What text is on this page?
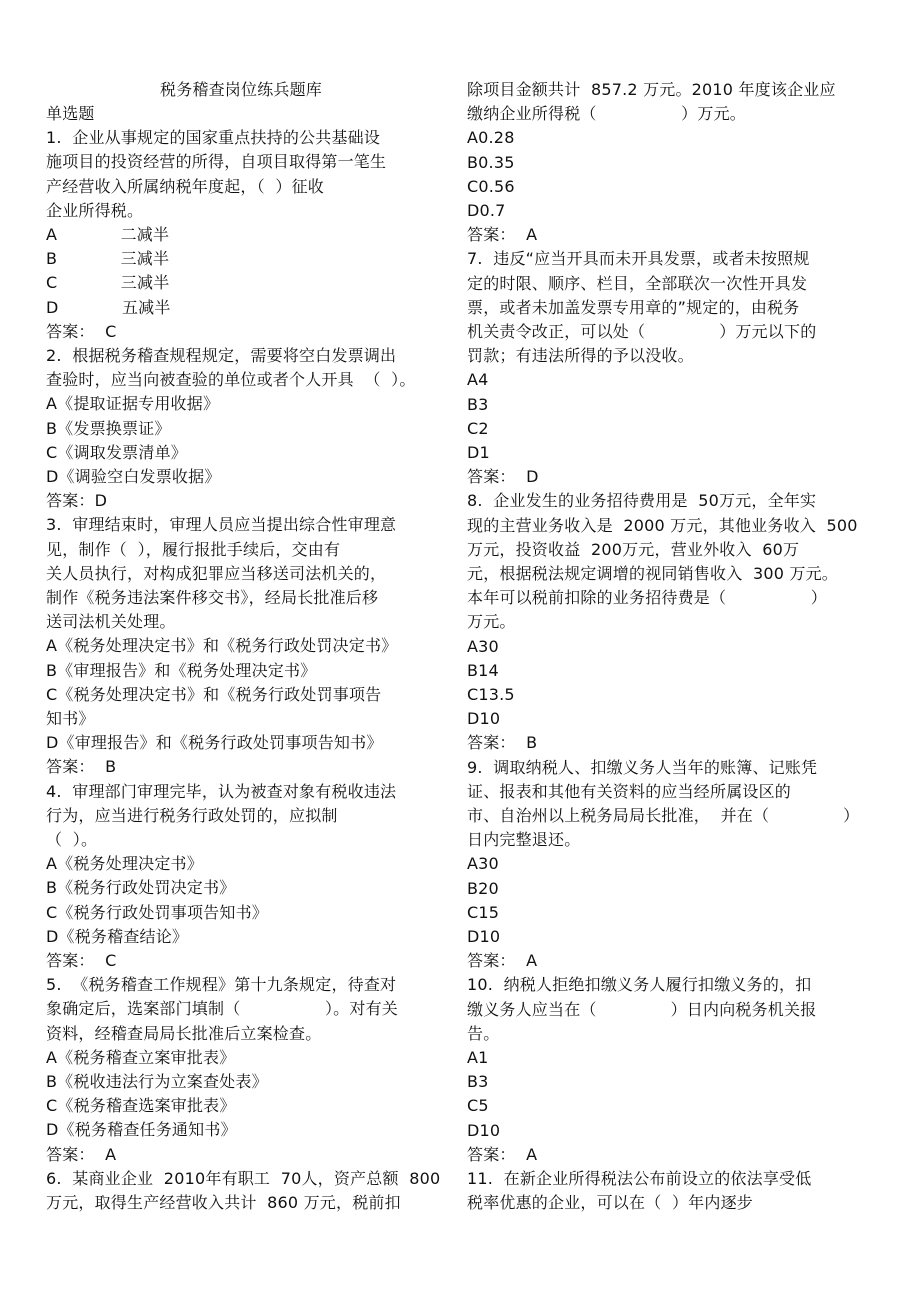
税务稽查岗位练兵题库
单选题
1.  企业从事规定的国家重点扶持的公共基础设
施项目的投资经营的所得，自项目取得第一笔生
产经营收入所属纳税年度起，（  ）征收
企业所得税。
A            二减半
B            三减半
C            三减半
D            五减半
答案：  C
2.  根据税务稽查规程规定，需要将空白发票调出
查验时，应当向被查验的单位或者个人开具  （  ）。
A《提取证据专用收据》
B《发票换票证》
C《调取发票清单》
D《调验空白发票收据》
答案：D
3.  审理结束时，审理人员应当提出综合性审理意
见，制作（  ），履行报批手续后，交由有
关人员执行，对构成犯罪应当移送司法机关的，
制作《税务违法案件移交书》，经局长批准后移
送司法机关处理。
A《税务处理决定书》和《税务行政处罚决定书》
B《审理报告》和《税务处理决定书》
C《税务处理决定书》和《税务行政处罚事项告
知书》
D《审理报告》和《税务行政处罚事项告知书》
答案：  B
4.  审理部门审理完毕，认为被查对象有税收违法
行为，应当进行税务行政处罚的，应拟制
（  ）。
A《税务处理决定书》
B《税务行政处罚决定书》
C《税务行政处罚事项告知书》
D《税务稽查结论》
答案：  C
5.  《税务稽查工作规程》第十九条规定，待查对
象确定后，选案部门填制（                ）。对有关
资料，经稽查局局长批准后立案检查。
A《税务稽查立案审批表》
B《税收违法行为立案查处表》
C《税务稽查选案审批表》
D《税务稽查任务通知书》
答案：  A
6.  某商业企业  2010年有职工  70人，资产总额  800
万元，取得生产经营收入共计  860 万元，税前扣
除项目金额共计  857.2 万元。2010 年度该企业应
缴纳企业所得税（                ）万元。
A0.28
B0.35
C0.56
D0.7
答案：  A
7.  违反“应当开具而未开具发票，或者未按照规
定的时限、顺序、栏目，全部联次一次性开具发
票，或者未加盖发票专用章的”规定的，由税务
机关责令改正，可以处（              ）万元以下的
罚款；有违法所得的予以没收。
A4
B3
C2
D1
答案：  D
8.  企业发生的业务招待费用是  50万元，全年实
现的主营业务收入是  2000 万元，其他业务收入  500
万元，投资收益  200万元，营业外收入  60万
元，根据税法规定调增的视同销售收入  300 万元。
本年可以税前扣除的业务招待费是（                ）
万元。
A30
B14
C13.5
D10
答案：  B
9.  调取纳税人、扣缴义务人当年的账簿、记账凭
证、报表和其他有关资料的应当经所属设区的
市、自治州以上税务局局长批准，  并在（              ）
日内完整退还。
A30
B20
C15
D10
答案：  A
10.  纳税人拒绝扣缴义务人履行扣缴义务的，扣
缴义务人应当在（              ）日内向税务机关报
告。
A1
B3
C5
D10
答案：  A
11.  在新企业所得税法公布前设立的依法享受低
税率优惠的企业，可以在（  ）年内逐步
